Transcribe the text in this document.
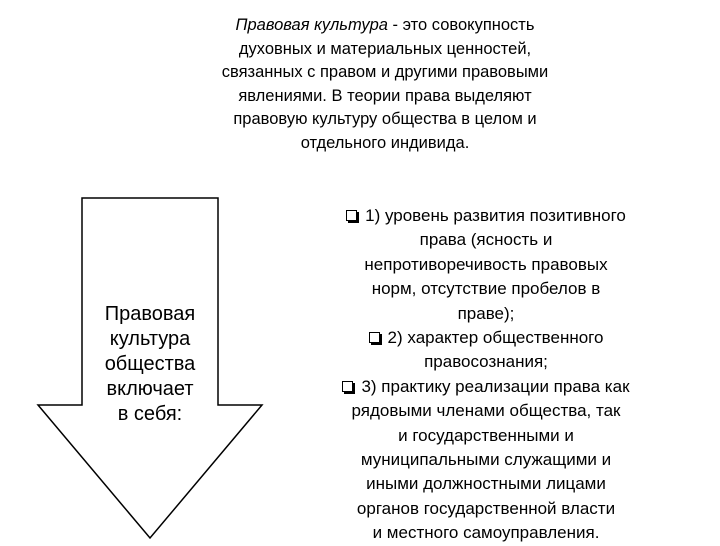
Правовая культура - это совокупность
духовных и материальных ценностей,
связанных с правом и другими правовыми
явлениями. В теории права выделяют
правовую культуру общества в целом и
отдельного индивида.
Правовая
культура
общества
включает
в себя:
1) уровень развития позитивного
права (ясность и
непротиворечивость правовых
норм, отсутствие пробелов в
праве);
2) характер общественного
правосознания;
3) практику реализации права как
рядовыми членами общества, так
и государственными и
муниципальными служащими и
иными должностными лицами
органов государственной власти
и местного самоуправления.
